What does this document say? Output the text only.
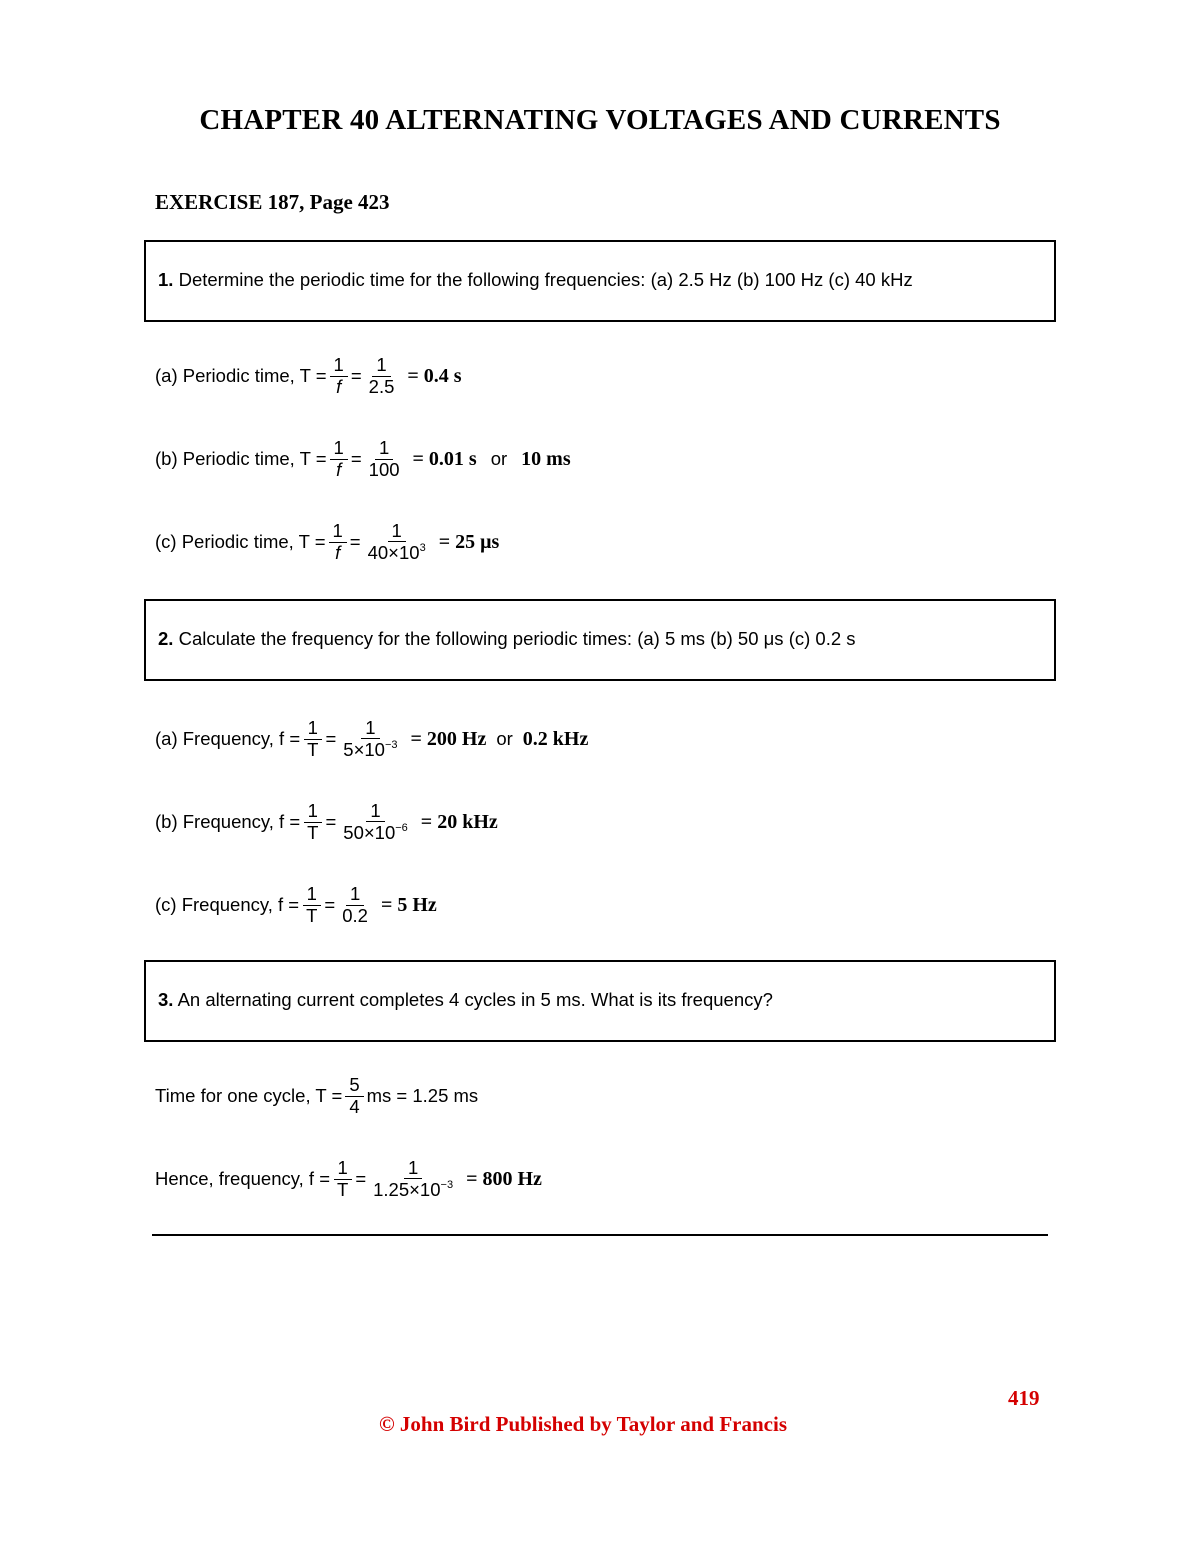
CHAPTER 40 ALTERNATING VOLTAGES AND CURRENTS
EXERCISE 187, Page 423
1. Determine the periodic time for the following frequencies: (a) 2.5 Hz (b) 100 Hz (c) 40 kHz
(a) Periodic time, $T = \frac{1}{f} = \frac{1}{2.5} = 0.4$ s
(b) Periodic time, $T = \frac{1}{f} = \frac{1}{100} = 0.01$ s or 10 ms
(c) Periodic time, $T = \frac{1}{f} = \frac{1}{40\times 10^3} = 25$ μs
2. Calculate the frequency for the following periodic times: (a) 5 ms (b) 50 μs (c) 0.2 s
(a) Frequency, $f = \frac{1}{T} = \frac{1}{5\times 10^{-3}} = 200$ Hz or 0.2 kHz
(b) Frequency, $f = \frac{1}{T} = \frac{1}{50\times 10^{-6}} = 20$ kHz
(c) Frequency, $f = \frac{1}{T} = \frac{1}{0.2} = 5$ Hz
3. An alternating current completes 4 cycles in 5 ms. What is its frequency?
Time for one cycle, $T = \frac{5}{4}$ ms = 1.25 ms
Hence, frequency, $f = \frac{1}{T} = \frac{1}{1.25\times 10^{-3}} = 800$ Hz
419
© John Bird Published by Taylor and Francis
